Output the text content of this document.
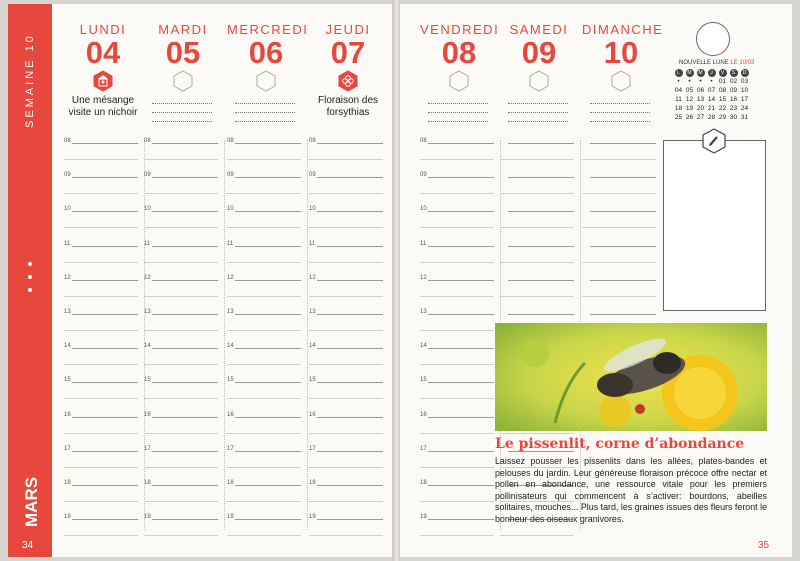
SEMAINE 10
MARS
34	35
LUNDI
04
Une mésange visite un nichoir
08
09
10
11
12
13
14
15
16
17
18
19
MARDI
05
08
09
10
11
12
13
14
15
16
17
18
19
MERCREDI
06
08
09
10
11
12
13
14
15
16
17
18
19
JEUDI
07
Floraison des forsythias
08
09
10
11
12
13
14
15
16
17
18
19
VENDREDI
08
08
09
10
11
12
13
14
15
16
17
18
19
SAMEDI
09
DIMANCHE
10	NOUVELLE LUNE LE 10/03
L	M	M	J	V	S	D
•	•	•	•	01	02	03
04	05	06	07	08	09	10
11	12	13	14	15	16	17
18	19	20	21	22	23	24
25	26	27	28	29	30	31
Le pissenlit, corne d’abondance
Laissez pousser les pissenlits dans les allées, plates-bandes et pelouses du jardin. Leur généreuse floraison précoce offre nectar et pollen en abondance, une ressource vitale pour les premiers pollinisateurs qui commencent à s’activer: bourdons, abeilles solitaires, mouches... Plus tard, les graines issues des fleurs feront le bonheur des oiseaux granivores.
